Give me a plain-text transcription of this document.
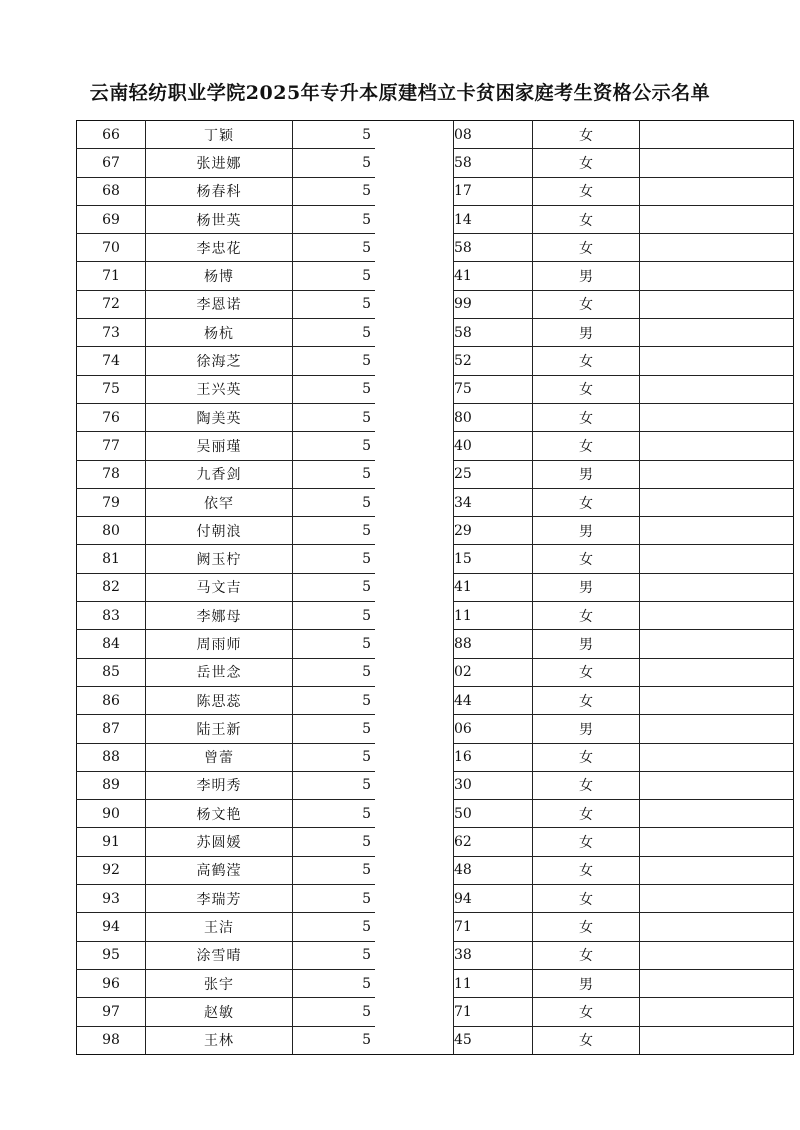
云南轻纺职业学院2025年专升本原建档立卡贫困家庭考生资格公示名单
66	丁颖	5		08	女	
67	张进娜	5		58	女	
68	杨春科	5		17	女	
69	杨世英	5		14	女	
70	李忠花	5		58	女	
71	杨博	5		41	男	
72	李恩诺	5		99	女	
73	杨杭	5		58	男	
74	徐海芝	5		52	女	
75	王兴英	5		75	女	
76	陶美英	5		80	女	
77	吴丽瑾	5		40	女	
78	九香剑	5		25	男	
79	依罕	5		34	女	
80	付朝浪	5		29	男	
81	阙玉柠	5		15	女	
82	马文吉	5		41	男	
83	李娜母	5		11	女	
84	周雨师	5		88	男	
85	岳世念	5		02	女	
86	陈思蕊	5		44	女	
87	陆王新	5		06	男	
88	曾蕾	5		16	女	
89	李明秀	5		30	女	
90	杨文艳	5		50	女	
91	苏圆媛	5		62	女	
92	高鹤滢	5		48	女	
93	李瑞芳	5		94	女	
94	王洁	5		71	女	
95	涂雪晴	5		38	女	
96	张宇	5		11	男	
97	赵敏	5		71	女	
98	王林	5		45	女	
